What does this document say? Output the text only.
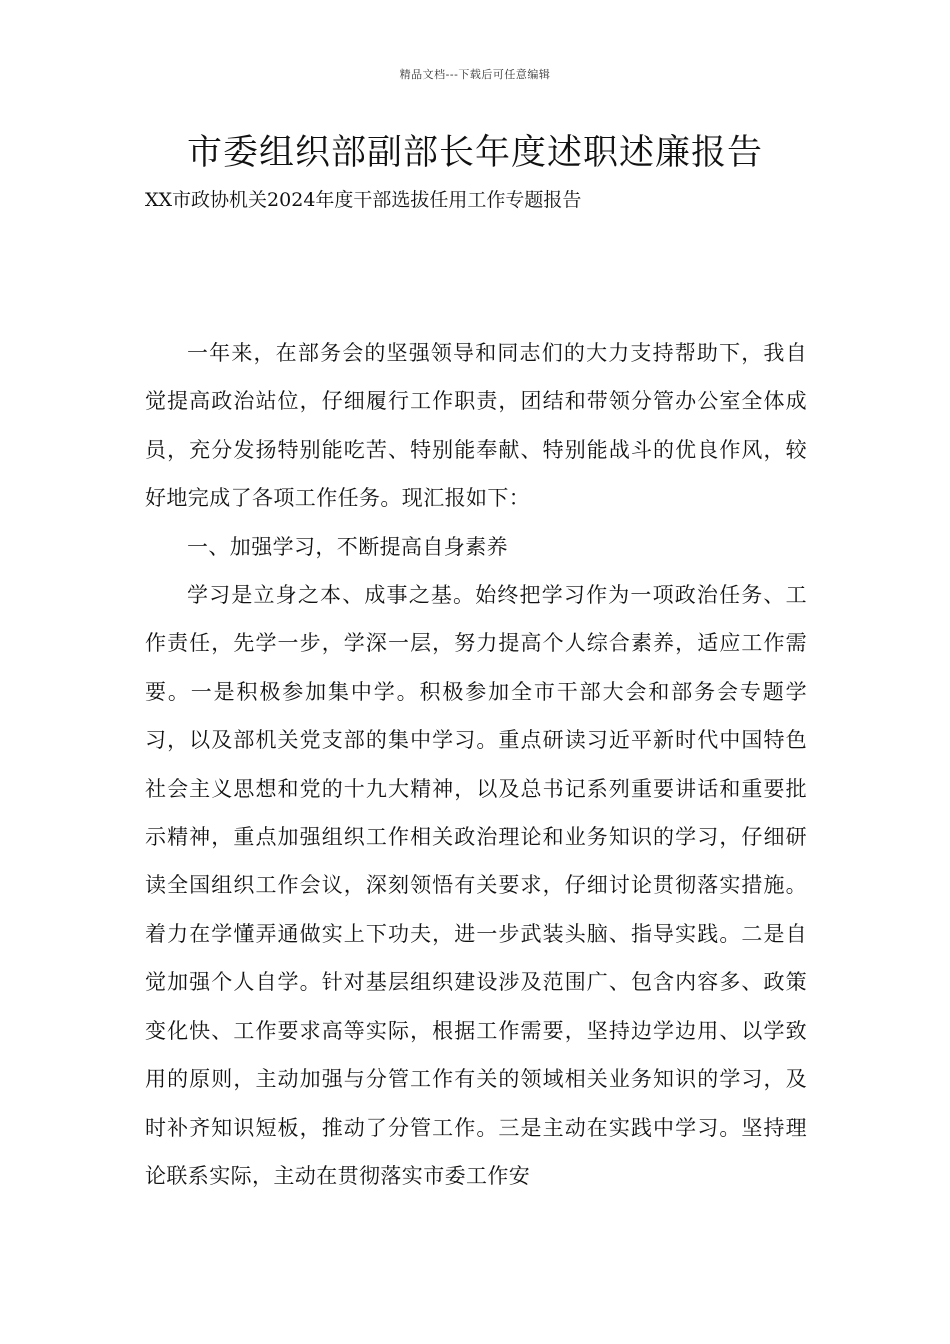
精品文档---下载后可任意编辑
市委组织部副部长年度述职述廉报告

XX市政协机关2024年度干部选拔任用工作专题报告

一年来，在部务会的坚强领导和同志们的大力支持帮助下，我自觉提高政治站位，仔细履行工作职责，团结和带领分管办公室全体成员，充分发扬特别能吃苦、特别能奉献、特别能战斗的优良作风，较好地完成了各项工作任务。现汇报如下：

一、加强学习，不断提高自身素养

学习是立身之本、成事之基。始终把学习作为一项政治任务、工作责任，先学一步，学深一层，努力提高个人综合素养，适应工作需要。一是积极参加集中学。积极参加全市干部大会和部务会专题学习，以及部机关党支部的集中学习。重点研读习近平新时代中国特色社会主义思想和党的十九大精神，以及总书记系列重要讲话和重要批示精神，重点加强组织工作相关政治理论和业务知识的学习，仔细研读全国组织工作会议，深刻领悟有关要求，仔细讨论贯彻落实措施。着力在学懂弄通做实上下功夫，进一步武装头脑、指导实践。二是自觉加强个人自学。针对基层组织建设涉及范围广、包含内容多、政策变化快、工作要求高等实际，根据工作需要，坚持边学边用、以学致用的原则，主动加强与分管工作有关的领域相关业务知识的学习，及时补齐知识短板，推动了分管工作。三是主动在实践中学习。坚持理论联系实际，主动在贯彻落实市委工作安
